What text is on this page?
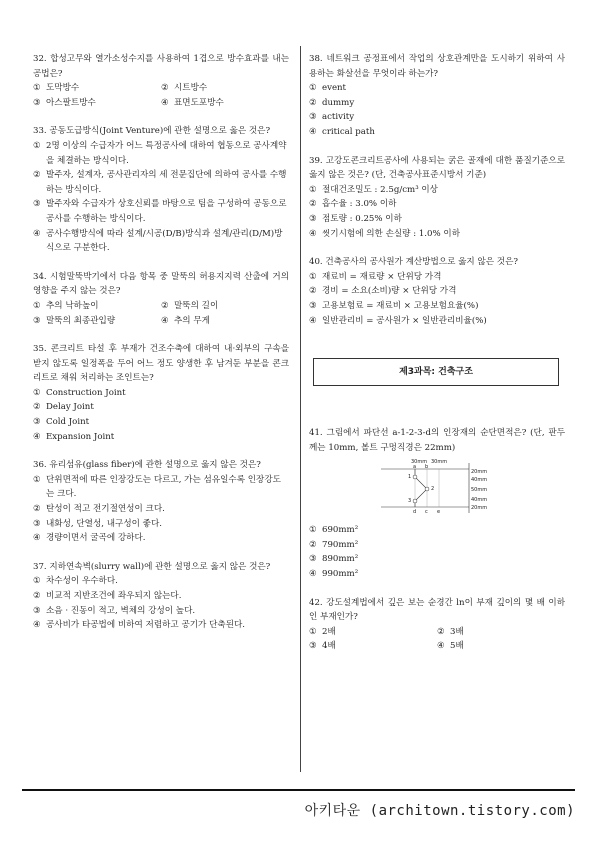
32. 합성고무와 열가소성수지를 사용하여 1겹으로 방수효과를 내는 공법은?
① 도막방수	② 시트방수
③ 아스팔트방수	④ 표면도포방수
33. 공동도급방식(Joint Venture)에 관한 설명으로 옳은 것은?
① 2명 이상의 수급자가 어느 특정공사에 대하여 협동으로 공사계약을 체결하는 방식이다.
② 발주자, 설계자, 공사관리자의 세 전문집단에 의하여 공사를 수행하는 방식이다.
③ 발주자와 수급자가 상호신뢰를 바탕으로 팀을 구성하여 공동으로 공사를 수행하는 방식이다.
④ 공사수행방식에 따라 설계/시공(D/B)방식과 설계/관리(D/M)방식으로 구분한다.
34. 시험말뚝박기에서 다음 항목 중 말뚝의 허용지지력 산출에 거의 영향을 주지 않는 것은?
① 추의 낙하높이	② 말뚝의 길이
③ 말뚝의 최종관입량	④ 추의 무게
35. 콘크리트 타설 후 부재가 건조수축에 대하여 내·외부의 구속을 받지 않도록 일정폭을 두어 어느 정도 양생한 후 남겨둔 부분을 콘크리트로 채워 처리하는 조인트는?
① Construction Joint
② Delay Joint
③ Cold Joint
④ Expansion Joint
36. 유리섬유(glass fiber)에 관한 설명으로 옳지 않은 것은?
① 단위면적에 따른 인장강도는 다르고, 가는 섬유일수록 인장강도는 크다.
② 탄성이 적고 전기절연성이 크다.
③ 내화성, 단열성, 내구성이 좋다.
④ 경량이면서 굴곡에 강하다.
37. 지하연속벽(slurry wall)에 관한 설명으로 옳지 않은 것은?
① 차수성이 우수하다.
② 비교적 지반조건에 좌우되지 않는다.
③ 소음 · 진동이 적고, 벽체의 강성이 높다.
④ 공사비가 타공법에 비하여 저렴하고 공기가 단축된다.
38. 네트워크 공정표에서 작업의 상호관계만을 도시하기 위하여 사용하는 화살선을 무엇이라 하는가?
① event
② dummy
③ activity
④ critical path
39. 고강도콘크리트공사에 사용되는 굵은 골재에 대한 품질기준으로 옳지 않은 것은? (단, 건축공사표준시방서 기준)
① 절대건조밀도 : 2.5g/cm³ 이상
② 흡수율 : 3.0% 이하
③ 점토량 : 0.25% 이하
④ 씻기시험에 의한 손실량 : 1.0% 이하
40. 건축공사의 공사원가 계산방법으로 옳지 않은 것은?
① 재료비 = 재료량 × 단위당 가격
② 경비 = 소요(소비)량 × 단위당 가격
③ 고용보험료 = 재료비 × 고용보험요율(%)
④ 일반관리비 = 공사원가 × 일반관리비율(%)
제3과목: 건축구조
41. 그림에서 파단선 a-1-2-3-d의 인장재의 순단면적은? (단, 판두께는 10mm, 볼트 구멍직경은 22mm)
30mm 30mm
20mm
40mm
50mm
40mm
20mm
a b
1
2
3
d c e
① 690mm²
② 790mm²
③ 890mm²
④ 990mm²
42. 강도설계법에서 깊은 보는 순경간 ln이 부재 깊이의 몇 배 이하인 부재인가?
① 2배	② 3배
③ 4배	④ 5배
아키타운 (architown.tistory.com)
